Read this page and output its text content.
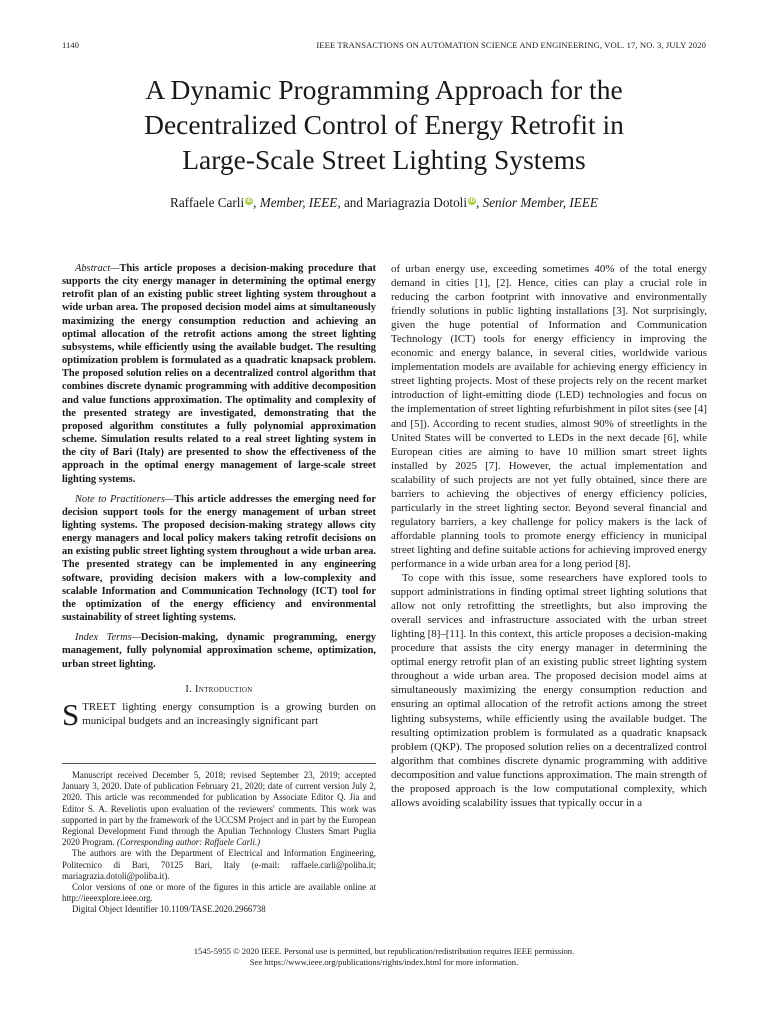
1140	IEEE TRANSACTIONS ON AUTOMATION SCIENCE AND ENGINEERING, VOL. 17, NO. 3, JULY 2020
A Dynamic Programming Approach for the
Decentralized Control of Energy Retrofit in
Large-Scale Street Lighting Systems
Raffaele Carli iD, Member, IEEE, and Mariagrazia Dotoli iD, Senior Member, IEEE

Abstract—This article proposes a decision-making procedure that supports the city energy manager in determining the optimal energy retrofit plan of an existing public street lighting system throughout a wide urban area. The proposed decision model aims at simultaneously maximizing the energy consumption reduction and achieving an optimal allocation of the retrofit actions among the street lighting subsystems, while efficiently using the available budget. The resulting optimization problem is formulated as a quadratic knapsack problem. The proposed solution relies on a decentralized control algorithm that combines discrete dynamic programming with additive decomposition and value functions approximation. The optimality and complexity of the presented strategy are investigated, demonstrating that the proposed algorithm constitutes a fully polynomial approximation scheme. Simulation results related to a real street lighting system in the city of Bari (Italy) are presented to show the effectiveness of the approach in the optimal energy management of large-scale street lighting systems.

Note to Practitioners—This article addresses the emerging need for decision support tools for the energy management of urban street lighting systems. The proposed decision-making strategy allows city energy managers and local policy makers taking retrofit decisions on an existing public street lighting system throughout a wide urban area. The presented strategy can be implemented in any engineering software, providing decision makers with a low-complexity and scalable Information and Communication Technology (ICT) tool for the optimization of the energy efficiency and environmental sustainability of street lighting systems.

Index Terms—Decision-making, dynamic programming, energy management, fully polynomial approximation scheme, optimization, urban street lighting.

I. Introduction

STREET lighting energy consumption is a growing burden on municipal budgets and an increasingly significant part

Manuscript received December 5, 2018; revised September 23, 2019; accepted January 3, 2020. Date of publication February 21, 2020; date of current version July 2, 2020. This article was recommended for publication by Associate Editor Q. Jia and Editor S. A. Reveliotis upon evaluation of the reviewers' comments. This work was supported in part by the framework of the UCCSM Project and in part by the European Regional Development Fund through the Apulian Technology Clusters Smart Puglia 2020 Program. (Corresponding author: Raffaele Carli.)

The authors are with the Department of Electrical and Information Engineering, Politecnico di Bari, 70125 Bari, Italy (e-mail: raffaele.carli@poliba.it; mariagrazia.dotoli@poliba.it).

Color versions of one or more of the figures in this article are available online at http://ieeexplore.ieee.org.

Digital Object Identifier 10.1109/TASE.2020.2966738

of urban energy use, exceeding sometimes 40% of the total energy demand in cities [1], [2]. Hence, cities can play a crucial role in reducing the carbon footprint with innovative and environmentally friendly solutions in public lighting installations [3]. Not surprisingly, given the huge potential of Information and Communication Technology (ICT) tools for energy efficiency in improving the economic and energy balance, in several cities, worldwide various implementation models are available for achieving energy efficiency in street lighting projects. Most of these projects rely on the recent market introduction of light-emitting diode (LED) technologies and focus on the implementation of street lighting refurbishment in pilot sites (see [4] and [5]). According to recent studies, almost 90% of streetlights in the United States will be converted to LEDs in the next decade [6], while European cities are aiming to have 10 million smart street lights installed by 2025 [7]. However, the actual implementation and scalability of such projects are not yet fully obtained, since there are barriers to achieving the objectives of energy efficiency policies, particularly in the street lighting sector. Beyond several financial and regulatory barriers, a key challenge for policy makers is the lack of affordable planning tools to promote energy efficiency in municipal street lighting and define suitable actions for achieving improved energy performance in a wide urban area for a long period [8].

To cope with this issue, some researchers have explored tools to support administrations in finding optimal street lighting solutions that allow not only retrofitting the streetlights, but also improving the overall services and infrastructure associated with the urban street lighting [8]–[11]. In this context, this article proposes a decision-making procedure that assists the city energy manager in determining the optimal energy retrofit plan of an existing public street lighting system throughout a wide urban area. The proposed decision model aims at simultaneously maximizing the energy consumption reduction and ensuring an optimal allocation of the retrofit actions among the street lighting subsystems, while efficiently using the available budget. The resulting optimization problem is formulated as a quadratic knapsack problem (QKP). The proposed solution relies on a decentralized control algorithm that combines discrete dynamic programming with additive decomposition and value functions approximation. The main strength of the proposed approach is the low computational complexity, which allows avoiding scalability issues that typically occur in a

1545-5955 © 2020 IEEE. Personal use is permitted, but republication/redistribution requires IEEE permission.
See https://www.ieee.org/publications/rights/index.html for more information.
